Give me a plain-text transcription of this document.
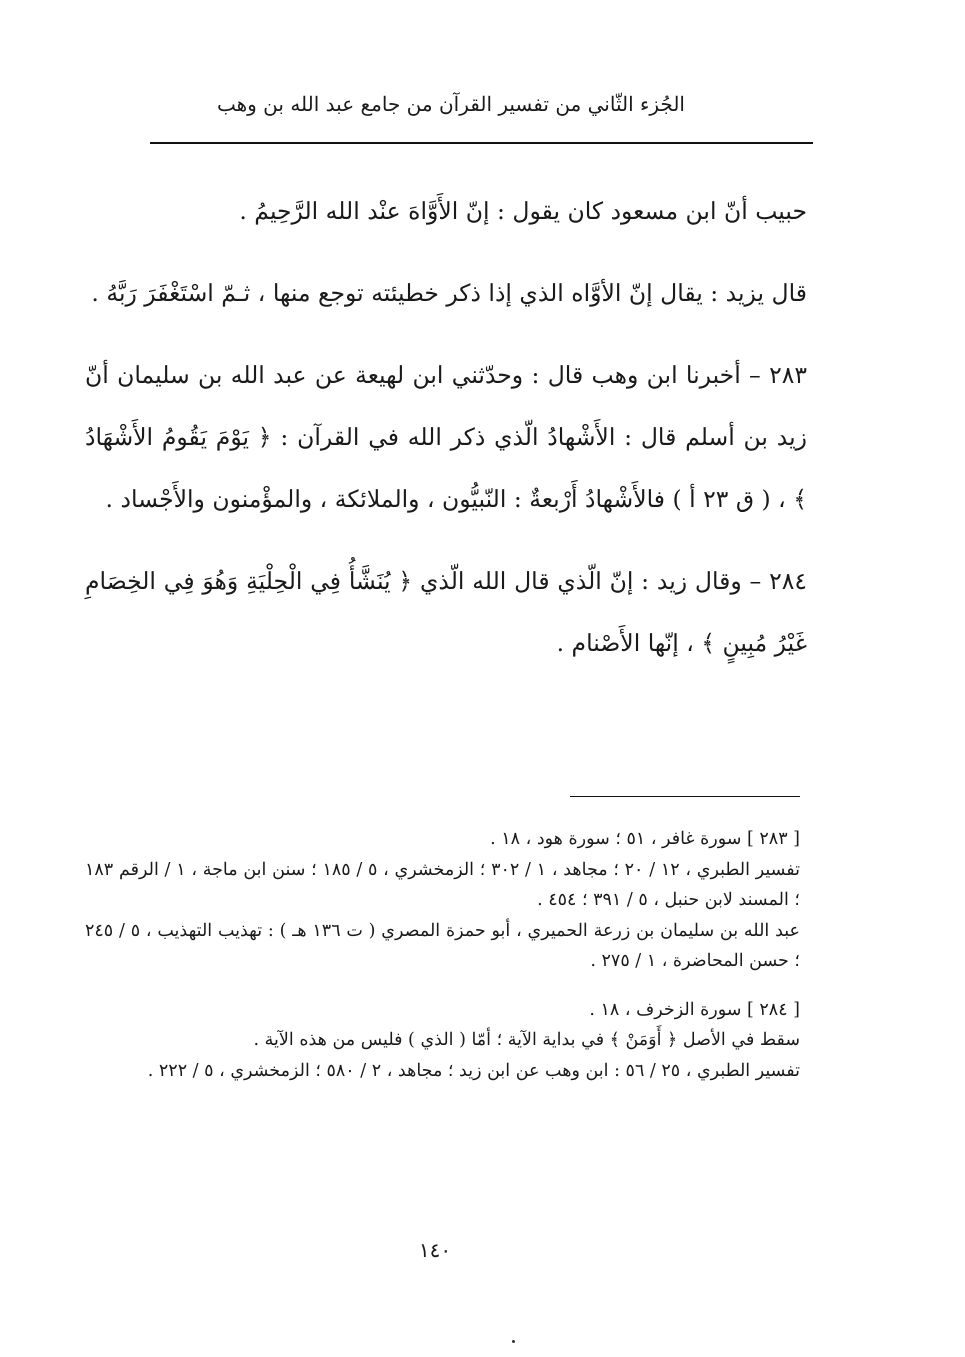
الجُزء الثّاني من تفسير القرآن من جامع عبد الله بن وهب

حبيب أنّ ابن مسعود كان يقول : إنّ الأَوَّاهَ عنْد الله الرَّحِيمُ .

قال يزيد : يقال إنّ الأوَّاه الذي إذا ذكر خطيئته توجع منها ، ثـمّ اسْتَغْفَرَ رَبَّهُ .

٢٨٣ – أخبرنا ابن وهب قال : وحدّثني ابن لهيعة عن عبد الله بن سليمان أنّ زيد بن أسلم قال : الأَشْهادُ الّذي ذكر الله في القرآن : ﴿ يَوْمَ يَقُومُ الأَشْهَادُ ﴾ ، ( ق ٢٣ أ ) فالأَشْهادُ أَرْبعةٌ : النّبيُّون ، والملائكة ، والمؤْمنون والأَجْساد .

٢٨٤ – وقال زيد : إنّ الّذي قال الله الّذي ﴿ يُنَشَّأُ فِي الْحِلْيَةِ وَهُوَ فِي الخِصَامِ غَيْرُ مُبِينٍ ﴾ ، إنّها الأَصْنام .

[ ٢٨٣ ] سورة غافر ، ٥١ ؛ سورة هود ، ١٨ .

تفسير الطبري ، ١٢ / ٢٠ ؛ مجاهد ، ١ / ٣٠٢ ؛ الزمخشري ، ٥ / ١٨٥ ؛ سنن ابن ماجة ، ١ / الرقم ١٨٣ ؛ المسند لابن حنبل ، ٥ / ٣٩١ ؛ ٤٥٤ .

عبد الله بن سليمان بن زرعة الحميري ، أبو حمزة المصري ( ت ١٣٦ هـ ) : تهذيب التهذيب ، ٥ / ٢٤٥ ؛ حسن المحاضرة ، ١ / ٢٧٥ .

[ ٢٨٤ ] سورة الزخرف ، ١٨ .

سقط في الأصل ﴿ أَوَمَنْ ﴾ في بداية الآية ؛ أمّا ( الذي ) فليس من هذه الآية .

تفسير الطبري ، ٢٥ / ٥٦ : ابن وهب عن ابن زيد ؛ مجاهد ، ٢ / ٥٨٠ ؛ الزمخشري ، ٥ / ٢٢٢ .

١٤٠
